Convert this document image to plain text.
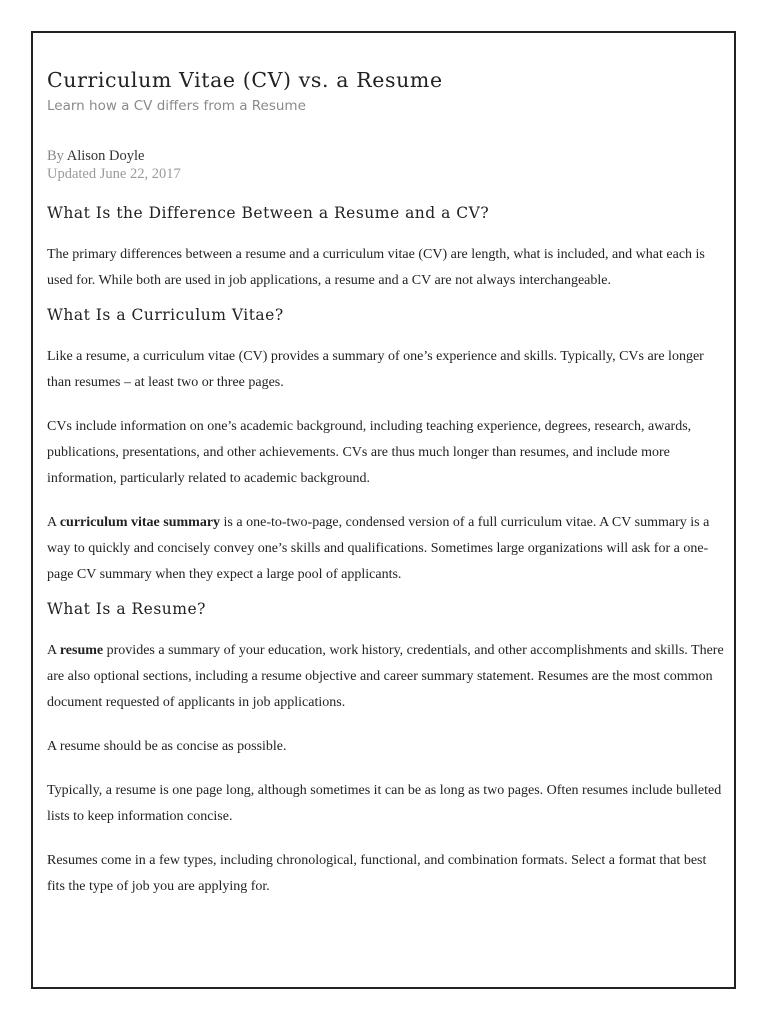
Curriculum Vitae (CV) vs. a Resume
Learn how a CV differs from a Resume
By Alison Doyle
Updated June 22, 2017
What Is the Difference Between a Resume and a CV?

The primary differences between a resume and a curriculum vitae (CV) are length, what is included, and what each is used for. While both are used in job applications, a resume and a CV are not always interchangeable.

What Is a Curriculum Vitae?

Like a resume, a curriculum vitae (CV) provides a summary of one’s experience and skills. Typically, CVs are longer than resumes – at least two or three pages.

CVs include information on one’s academic background, including teaching experience, degrees, research, awards, publications, presentations, and other achievements. CVs are thus much longer than resumes, and include more information, particularly related to academic background.

A curriculum vitae summary is a one-to-two-page, condensed version of a full curriculum vitae. A CV summary is a way to quickly and concisely convey one’s skills and qualifications. Sometimes large organizations will ask for a one-page CV summary when they expect a large pool of applicants.

What Is a Resume?

A resume provides a summary of your education, work history, credentials, and other accomplishments and skills. There are also optional sections, including a resume objective and career summary statement. Resumes are the most common document requested of applicants in job applications.

A resume should be as concise as possible.

Typically, a resume is one page long, although sometimes it can be as long as two pages. Often resumes include bulleted lists to keep information concise.

Resumes come in a few types, including chronological, functional, and combination formats. Select a format that best fits the type of job you are applying for.
